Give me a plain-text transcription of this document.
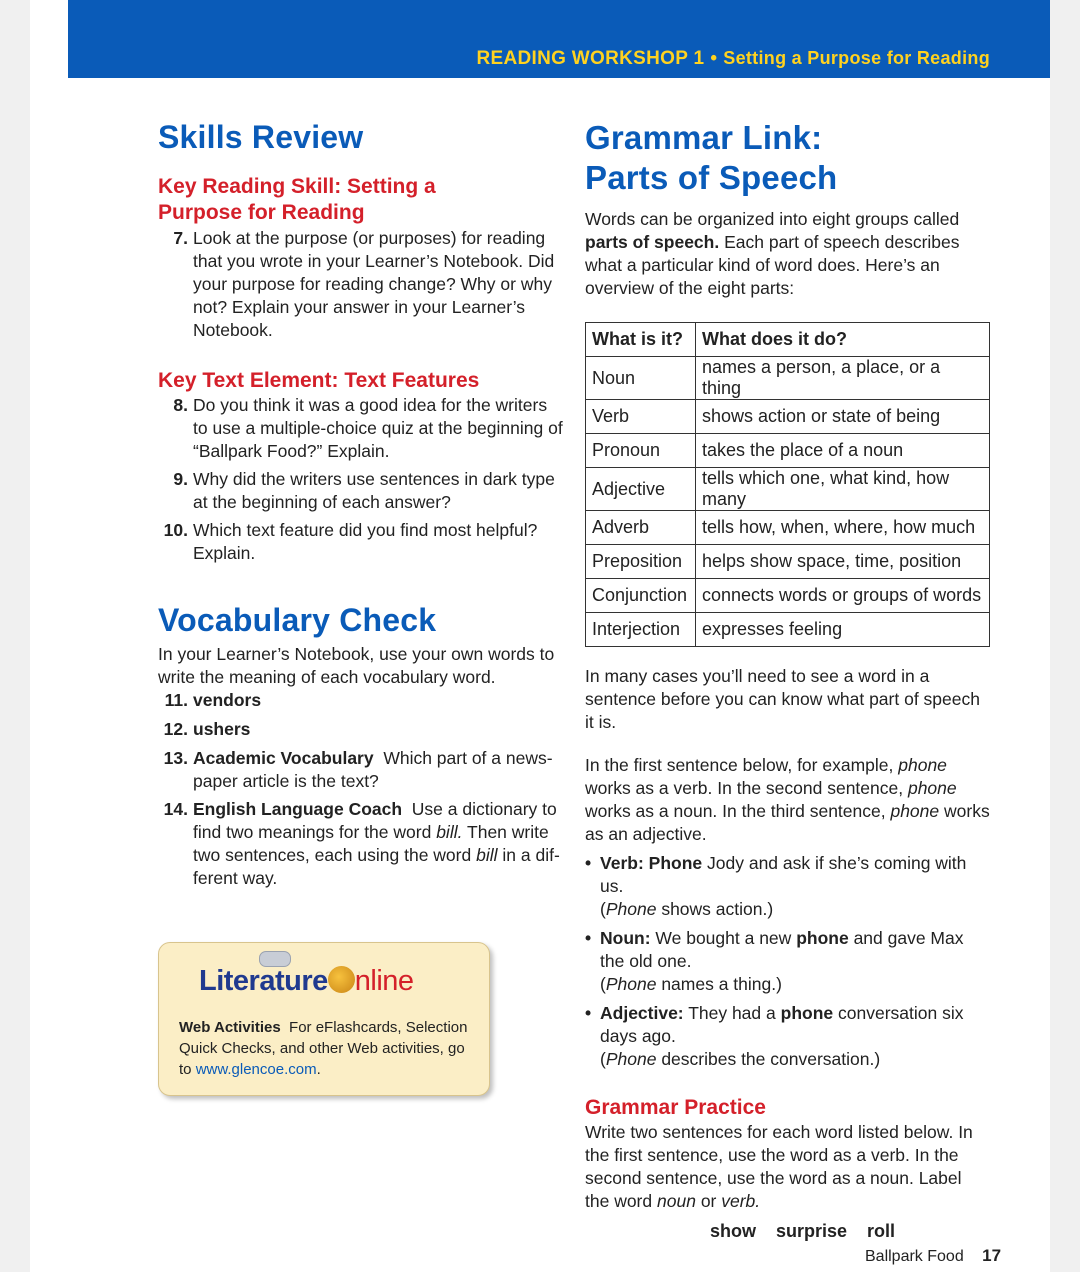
READING WORKSHOP 1 • Setting a Purpose for Reading
Skills Review
Key Reading Skill: Setting a
Purpose for Reading
7. Look at the purpose (or purposes) for reading that you wrote in your Learner’s Notebook. Did your purpose for reading change? Why or why not? Explain your answer in your Learner’s Notebook.
Key Text Element: Text Features
8. Do you think it was a good idea for the writers to use a multiple-choice quiz at the beginning of “Ballpark Food?” Explain.
9. Why did the writers use sentences in dark type at the beginning of each answer?
10. Which text feature did you find most helpful? Explain.
Vocabulary Check

In your Learner’s Notebook, use your own words to write the meaning of each vocabulary word.

11. vendors
12. ushers
13. Academic Vocabulary Which part of a news-paper article is the text?
14. English Language Coach Use a dictionary to find two meanings for the word bill. Then write two sentences, each using the word bill in a dif-ferent way.
Literature nline
Web Activities For eFlashcards, Selection Quick Checks, and other Web activities, go to www.glencoe.com.
Grammar Link:
Parts of Speech

Words can be organized into eight groups called parts of speech. Each part of speech describes what a particular kind of word does. Here’s an overview of the eight parts:

What is it?	What does it do?
Noun	names a person, a place, or a thing
Verb	shows action or state of being
Pronoun	takes the place of a noun
Adjective	tells which one, what kind, how many
Adverb	tells how, when, where, how much
Preposition	helps show space, time, position
Conjunction	connects words or groups of words
Interjection	expresses feeling

In many cases you’ll need to see a word in a sentence before you can know what part of speech it is.

In the first sentence below, for example, phone works as a verb. In the second sentence, phone works as a noun. In the third sentence, phone works as an adjective.

• Verb: Phone Jody and ask if she’s coming with us.
(Phone shows action.)
• Noun: We bought a new phone and gave Max the old one.
(Phone names a thing.)
• Adjective: They had a phone conversation six days ago.
(Phone describes the conversation.)
Grammar Practice

Write two sentences for each word listed below. In the first sentence, use the word as a verb. In the second sentence, use the word as a noun. Label the word noun or verb.

show surprise roll
Ballpark Food 17
